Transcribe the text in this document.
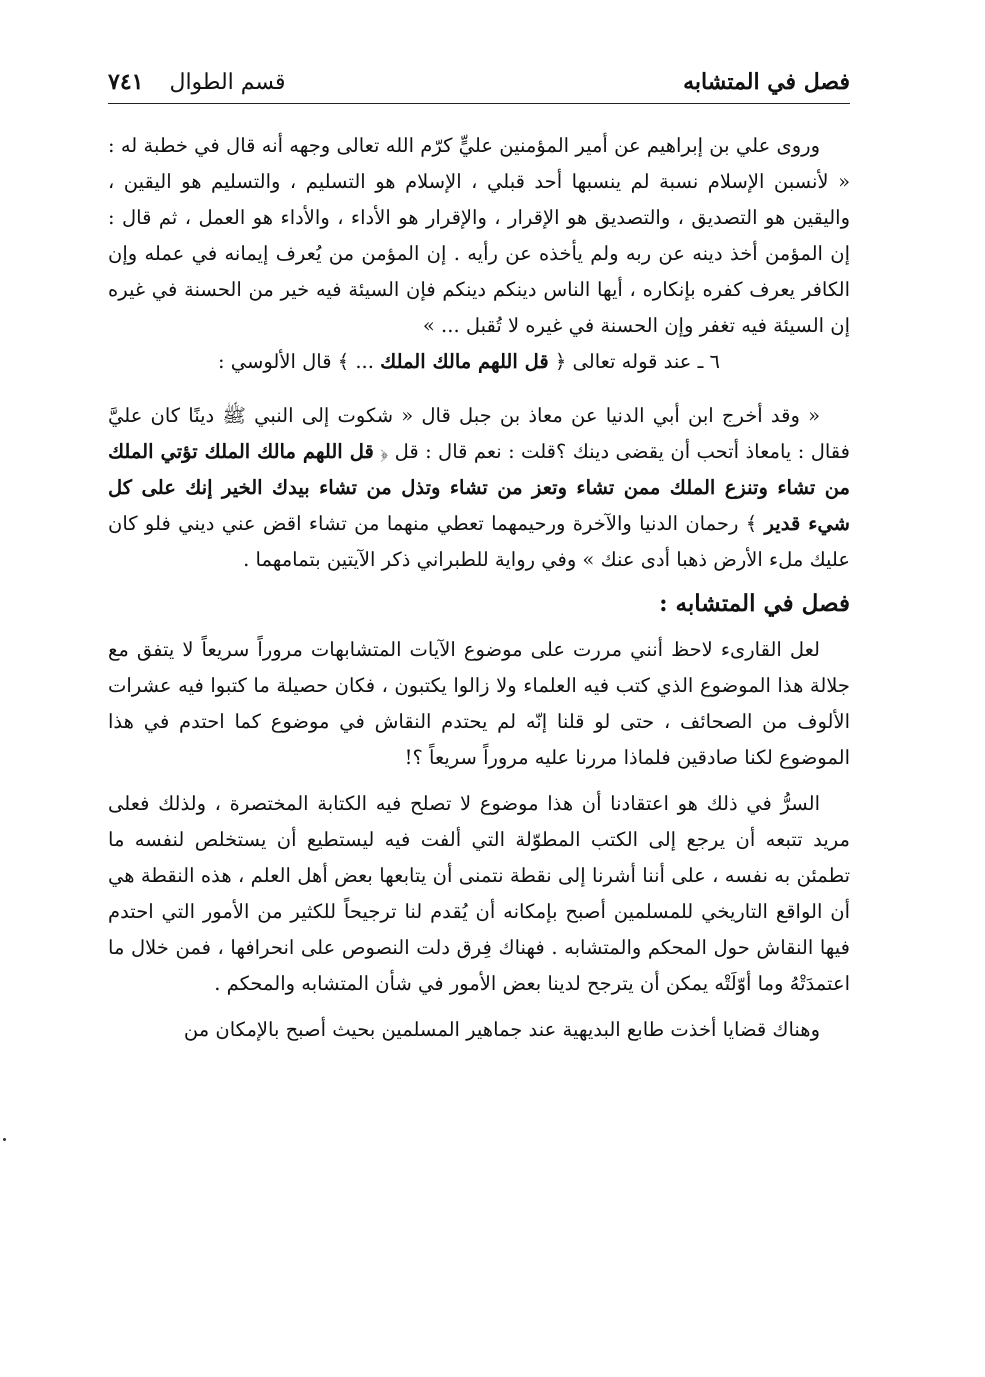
فصل في المتشابه
قسم الطوال
٧٤١

وروى علي بن إبراهيم عن أمير المؤمنين عليٍّ كرّم الله تعالى وجهه أنه قال في خطبة له : « لأنسبن الإسلام نسبة لم ينسبها أحد قبلي ، الإسلام هو التسليم ، والتسليم هو اليقين ، واليقين هو التصديق ، والتصديق هو الإقرار ، والإقرار هو الأداء ، والأداء هو العمل ، ثم قال : إن المؤمن أخذ دينه عن ربه ولم يأخذه عن رأيه . إن المؤمن من يُعرف إيمانه في عمله وإن الكافر يعرف كفره بإنكاره ، أيها الناس دينكم دينكم فإن السيئة فيه خير من الحسنة في غيره إن السيئة فيه تغفر وإن الحسنة في غيره لا تُقبل ... »

٦ ـ عند قوله تعالى ﴿ قل اللهم مالك الملك ... ﴾ قال الألوسي :

« وقد أخرج ابن أبي الدنيا عن معاذ بن جبل قال « شكوت إلى النبي ﷺ دينًا كان عليَّ فقال : يامعاذ أتحب أن يقضى دينك ؟قلت : نعم قال : قل ﴿ قل اللهم مالك الملك تؤتي الملك من تشاء وتنزع الملك ممن تشاء وتعز من تشاء وتذل من تشاء بيدك الخير إنك على كل شيء قدير ﴾ رحمان الدنيا والآخرة ورحيمهما تعطي منهما من تشاء اقض عني ديني فلو كان عليك ملء الأرض ذهبا أدى عنك » وفي رواية للطبراني ذكر الآيتين بتمامهما .

فصل في المتشابه :

لعل القارىء لاحظ أنني مررت على موضوع الآيات المتشابهات مروراً سريعاً لا يتفق مع جلالة هذا الموضوع الذي كتب فيه العلماء ولا زالوا يكتبون ، فكان حصيلة ما كتبوا فيه عشرات الألوف من الصحائف ، حتى لو قلنا إنّه لم يحتدم النقاش في موضوع كما احتدم في هذا الموضوع لكنا صادقين فلماذا مررنا عليه مروراً سريعاً ؟!

السرُّ في ذلك هو اعتقادنا أن هذا موضوع لا تصلح فيه الكتابة المختصرة ، ولذلك فعلى مريد تتبعه أن يرجع إلى الكتب المطوّلة التي ألفت فيه ليستطيع أن يستخلص لنفسه ما تطمئن به نفسه ، على أننا أشرنا إلى نقطة نتمنى أن يتابعها بعض أهل العلم ، هذه النقطة هي أن الواقع التاريخي للمسلمين أصبح بإمكانه أن يُقدم لنا ترجيحاً للكثير من الأمور التي احتدم فيها النقاش حول المحكم والمتشابه . فهناك فِرق دلت النصوص على انحرافها ، فمن خلال ما اعتمدَتْهُ وما أوّلَتْه يمكن أن يترجح لدينا بعض الأمور في شأن المتشابه والمحكم .

وهناك قضايا أخذت طابع البديهية عند جماهير المسلمين بحيث أصبح بالإمكان من
